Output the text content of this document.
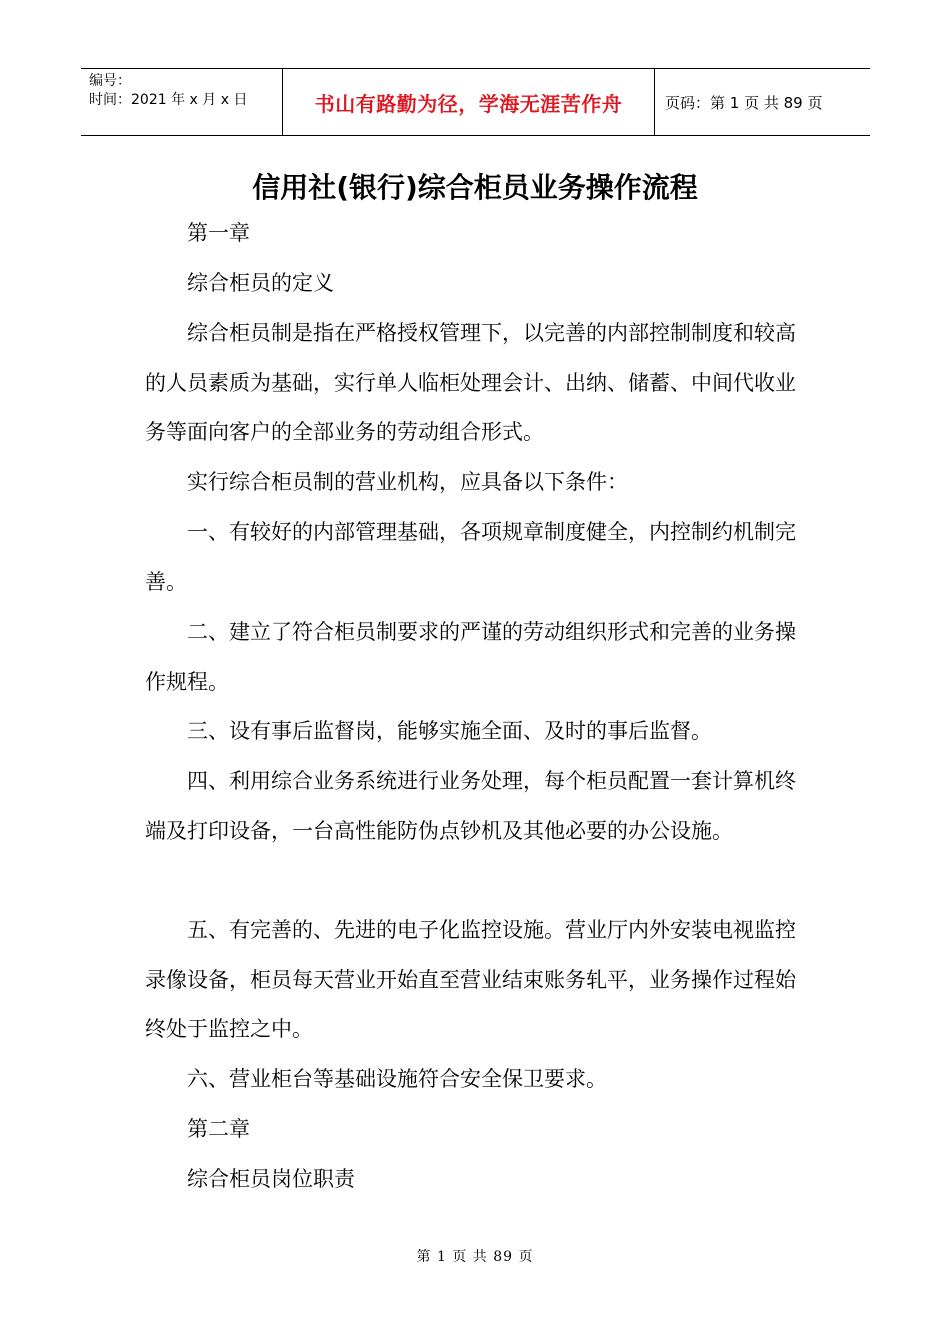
编号：
时间：2021 年 x 月 x 日	书山有路勤为径，学海无涯苦作舟	页码：第 1 页 共 89 页
信用社(银行)综合柜员业务操作流程
　　第一章
　　综合柜员的定义
　　综合柜员制是指在严格授权管理下，以完善的内部控制制度和较高的人员素质为基础，实行单人临柜处理会计、出纳、储蓄、中间代收业务等面向客户的全部业务的劳动组合形式。
　　实行综合柜员制的营业机构，应具备以下条件：
　　一、有较好的内部管理基础，各项规章制度健全，内控制约机制完善。
　　二、建立了符合柜员制要求的严谨的劳动组织形式和完善的业务操作规程。
　　三、设有事后监督岗，能够实施全面、及时的事后监督。
　　四、利用综合业务系统进行业务处理，每个柜员配置一套计算机终端及打印设备，一台高性能防伪点钞机及其他必要的办公设施。
　　五、有完善的、先进的电子化监控设施。营业厅内外安装电视监控录像设备，柜员每天营业开始直至营业结束账务轧平，业务操作过程始终处于监控之中。
　　六、营业柜台等基础设施符合安全保卫要求。
　　第二章
　　综合柜员岗位职责
第 1 页 共 89 页
